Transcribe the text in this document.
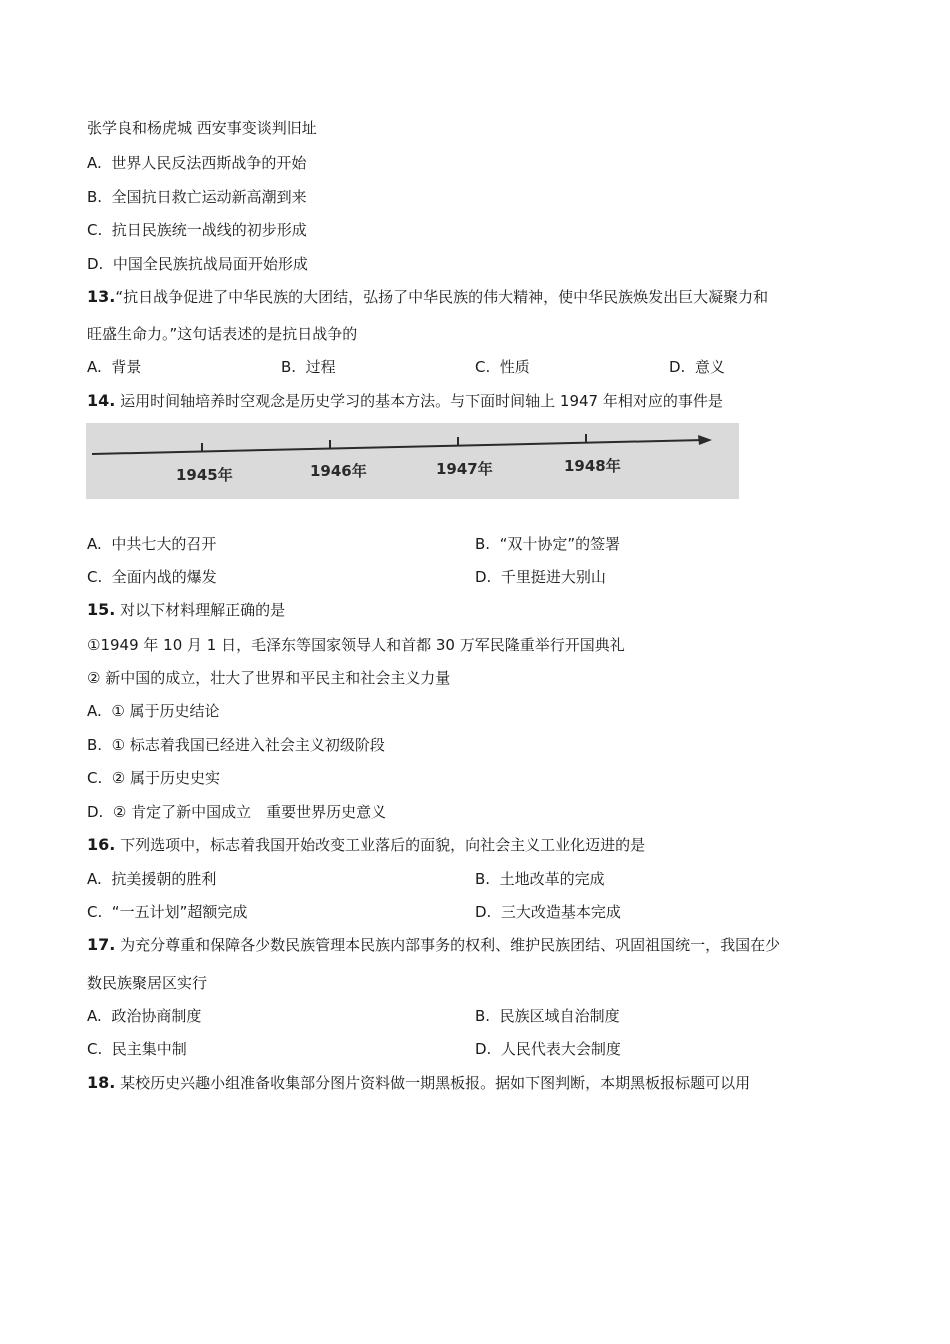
张学良和杨虎城 西安事变谈判旧址
A. 世界人民反法西斯战争的开始
B. 全国抗日救亡运动新高潮到来
C. 抗日民族统一战线的初步形成
D. 中国全民族抗战局面开始形成
13.“抗日战争促进了中华民族的大团结，弘扬了中华民族的伟大精神，使中华民族焕发出巨大凝聚力和
旺盛生命力。”这句话表述的是抗日战争的
A. 背景	B. 过程	C. 性质	D. 意义
14. 运用时间轴培养时空观念是历史学习的基本方法。与下面时间轴上 1947 年相对应的事件是
1945年	1946年	1947年	1948年
A. 中共七大的召开	B. “双十协定”的签署
C. 全面内战的爆发	D. 千里挺进大别山
15. 对以下材料理解正确的是
①1949 年 10 月 1 日，毛泽东等国家领导人和首都 30 万军民隆重举行开国典礼
② 新中国的成立，壮大了世界和平民主和社会主义力量
A. ① 属于历史结论
B. ① 标志着我国已经进入社会主义初级阶段
C. ② 属于历史史实
D. ② 肯定了新中国成立　重要世界历史意义
16. 下列选项中，标志着我国开始改变工业落后的面貌，向社会主义工业化迈进的是
A. 抗美援朝的胜利	B. 土地改革的完成
C. “一五计划”超额完成	D. 三大改造基本完成
17. 为充分尊重和保障各少数民族管理本民族内部事务的权利、维护民族团结、巩固祖国统一，我国在少
数民族聚居区实行
A. 政治协商制度	B. 民族区域自治制度
C. 民主集中制	D. 人民代表大会制度
18. 某校历史兴趣小组准备收集部分图片资料做一期黑板报。据如下图判断，本期黑板报标题可以用
